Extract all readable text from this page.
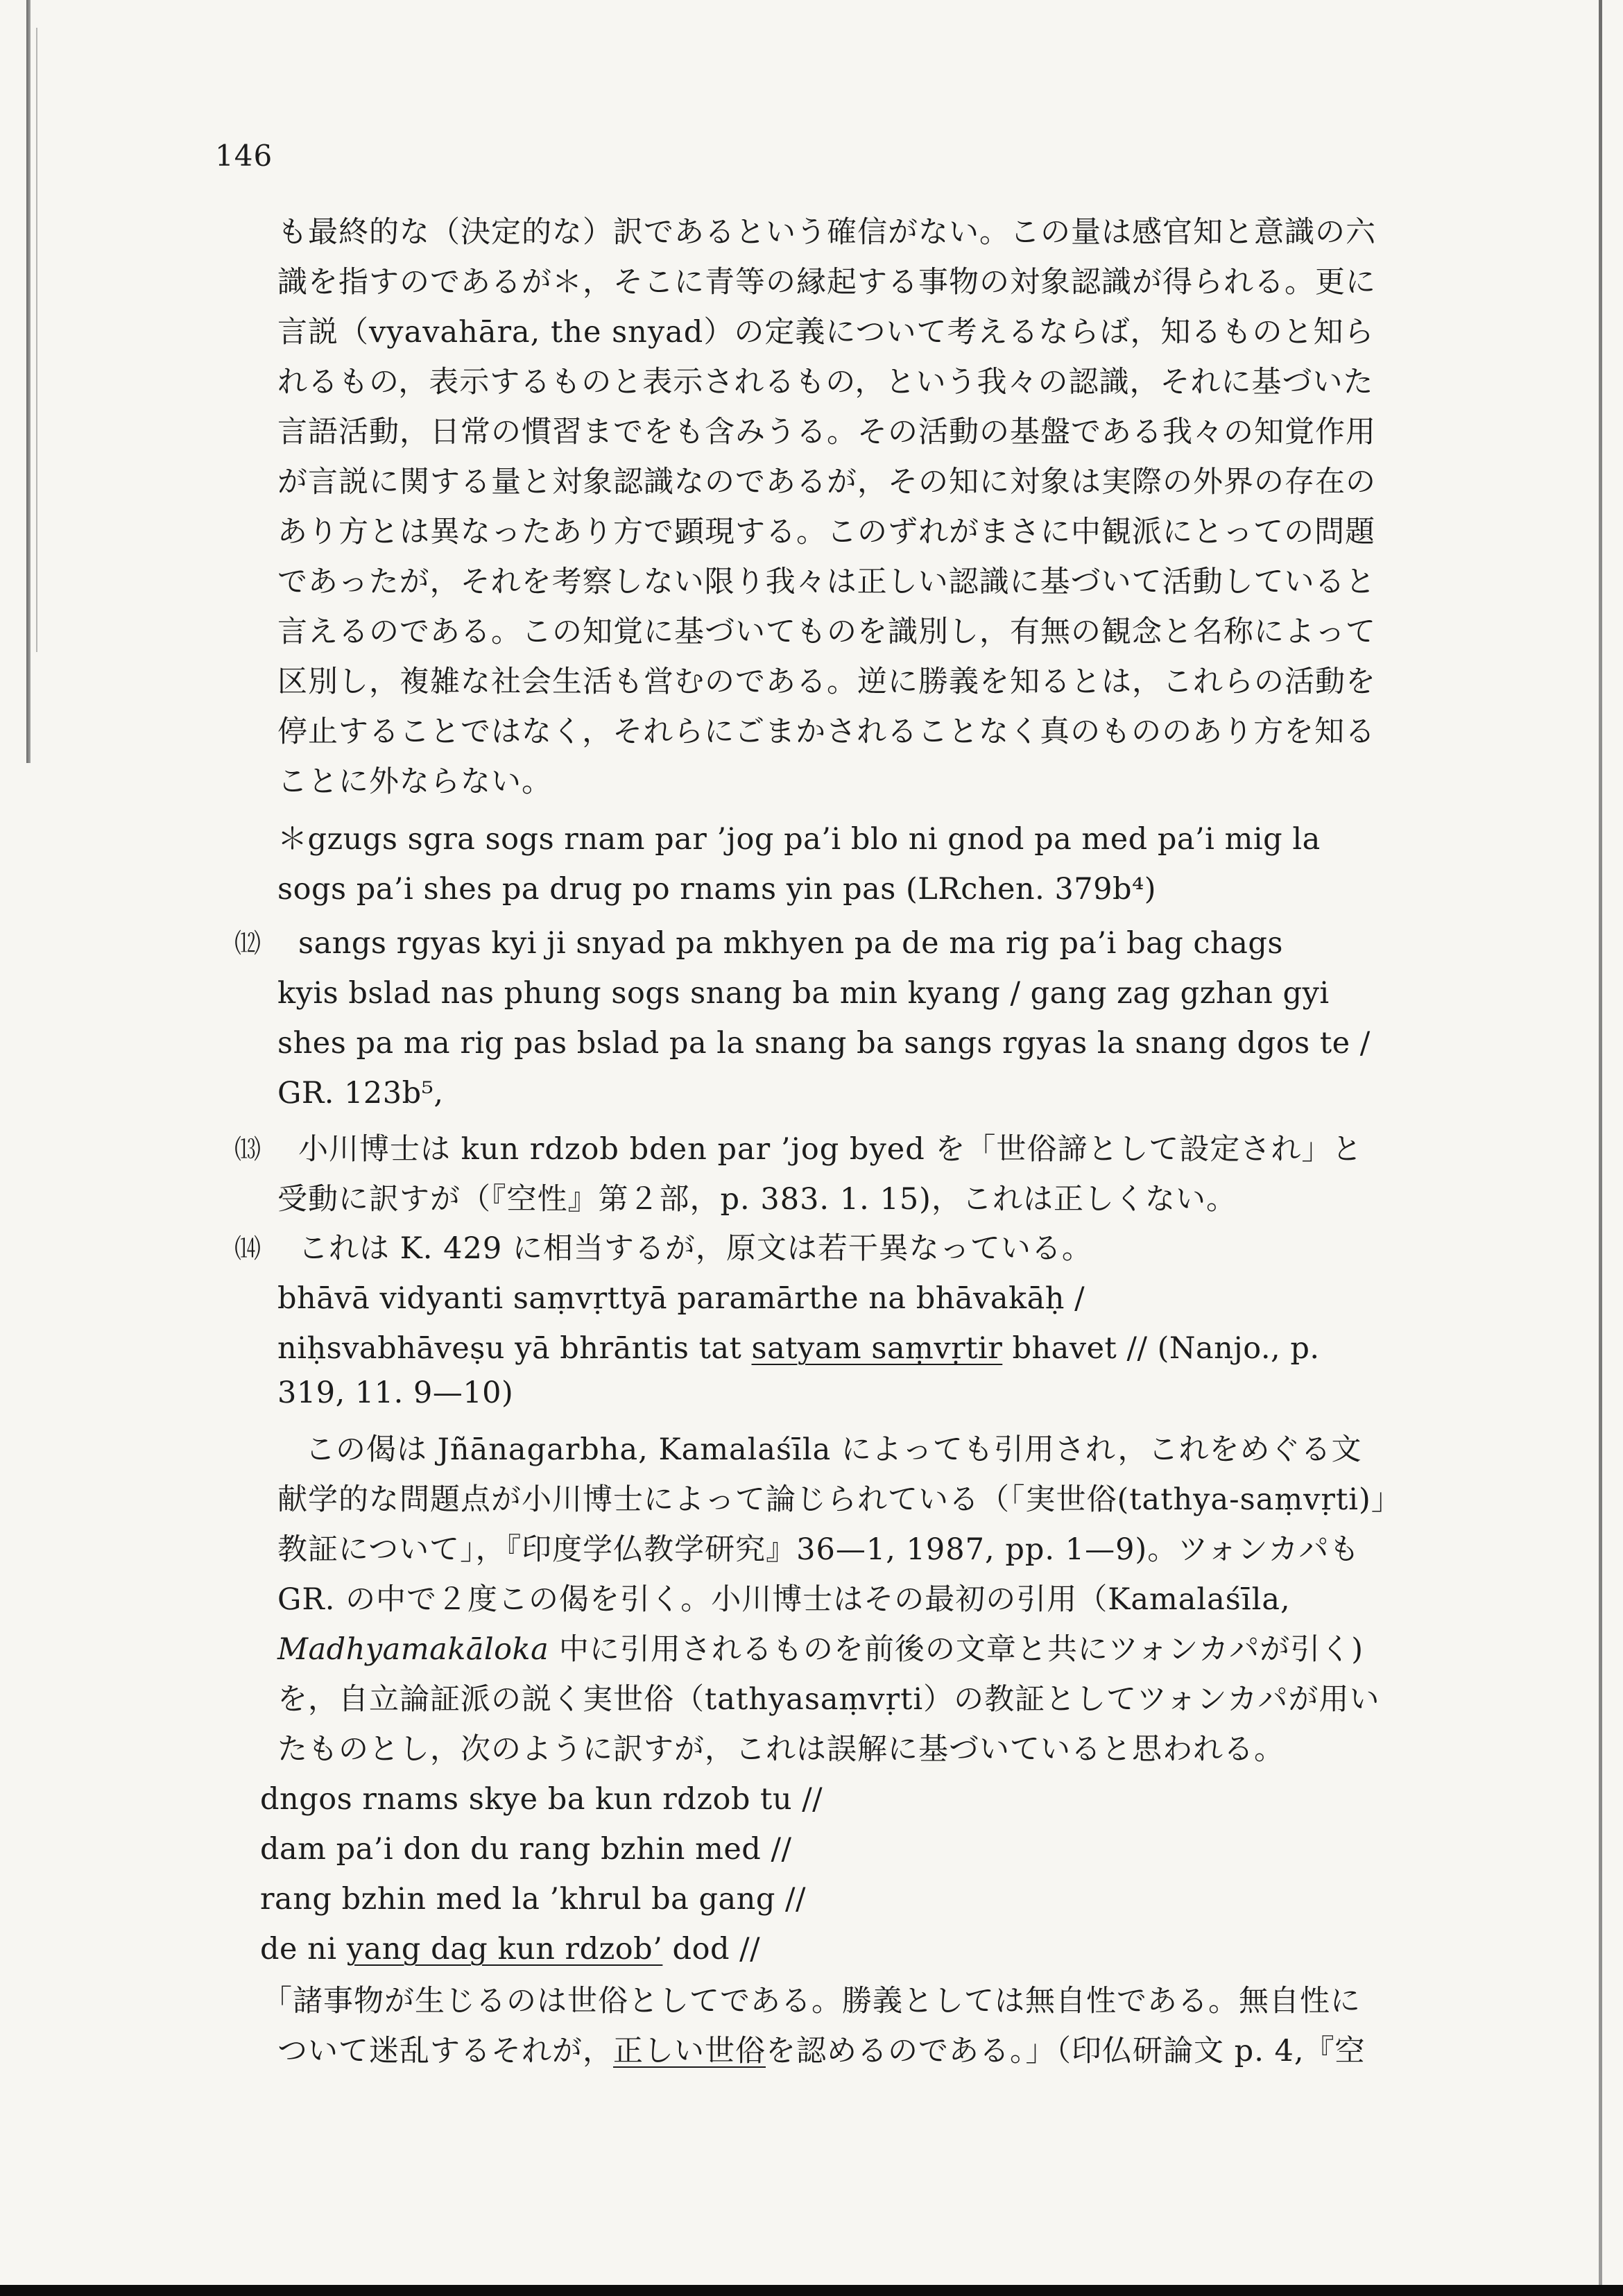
146
も最終的な（決定的な）訳であるという確信がない。この量は感官知と意識の六
識を指すのであるが＊，そこに青等の縁起する事物の対象認識が得られる。更に
言説（vyavahāra, the snyad）の定義について考えるならば，知るものと知ら
れるもの，表示するものと表示されるもの，という我々の認識，それに基づいた
言語活動，日常の慣習までをも含みうる。その活動の基盤である我々の知覚作用
が言説に関する量と対象認識なのであるが，その知に対象は実際の外界の存在の
あり方とは異なったあり方で顕現する。このずれがまさに中観派にとっての問題
であったが，それを考察しない限り我々は正しい認識に基づいて活動していると
言えるのである。この知覚に基づいてものを識別し，有無の観念と名称によって
区別し，複雑な社会生活も営むのである。逆に勝義を知るとは，これらの活動を
停止することではなく，それらにごまかされることなく真のもののあり方を知る
ことに外ならない。
＊gzugs sgra sogs rnam par ’jog pa’i blo ni gnod pa med pa’i mig la
sogs pa’i shes pa drug po rnams yin pas (LRchen. 379b⁴)
⑿ sangs rgyas kyi ji snyad pa mkhyen pa de ma rig pa’i bag chags
kyis bslad nas phung sogs snang ba min kyang / gang zag gzhan gyi
shes pa ma rig pas bslad pa la snang ba sangs rgyas la snang dgos te /
GR. 123b⁵,
⒀ 小川博士は kun rdzob bden par ’jog byed を「世俗諦として設定され」と
受動に訳すが（『空性』第２部，p. 383. 1. 15)，これは正しくない。
⒁ これは K. 429 に相当するが，原文は若干異なっている。
bhāvā vidyanti saṃvṛttyā paramārthe na bhāvakāḥ /
niḥsvabhāveṣu yā bhrāntis tat satyam saṃvṛtir bhavet // (Nanjo., p.
319, 11. 9—10)
この偈は Jñānagarbha, Kamalaśīla によっても引用され，これをめぐる文
献学的な問題点が小川博士によって論じられている（「実世俗(tathya-saṃvṛti)」
教証について」，『印度学仏教学研究』36—1, 1987, pp. 1—9)。ツォンカパも
GR. の中で２度この偈を引く。小川博士はその最初の引用（Kamalaśīla,
Madhyamakāloka 中に引用されるものを前後の文章と共にツォンカパが引く)
を，自立論証派の説く実世俗（tathyasaṃvṛti）の教証としてツォンカパが用い
たものとし，次のように訳すが，これは誤解に基づいていると思われる。
dngos rnams skye ba kun rdzob tu //
dam pa’i don du rang bzhin med //
rang bzhin med la ’khrul ba gang //
de ni yang dag kun rdzob’ dod //
「諸事物が生じるのは世俗としてである。勝義としては無自性である。無自性に
ついて迷乱するそれが，正しい世俗を認めるのである。」（印仏研論文 p. 4,『空
